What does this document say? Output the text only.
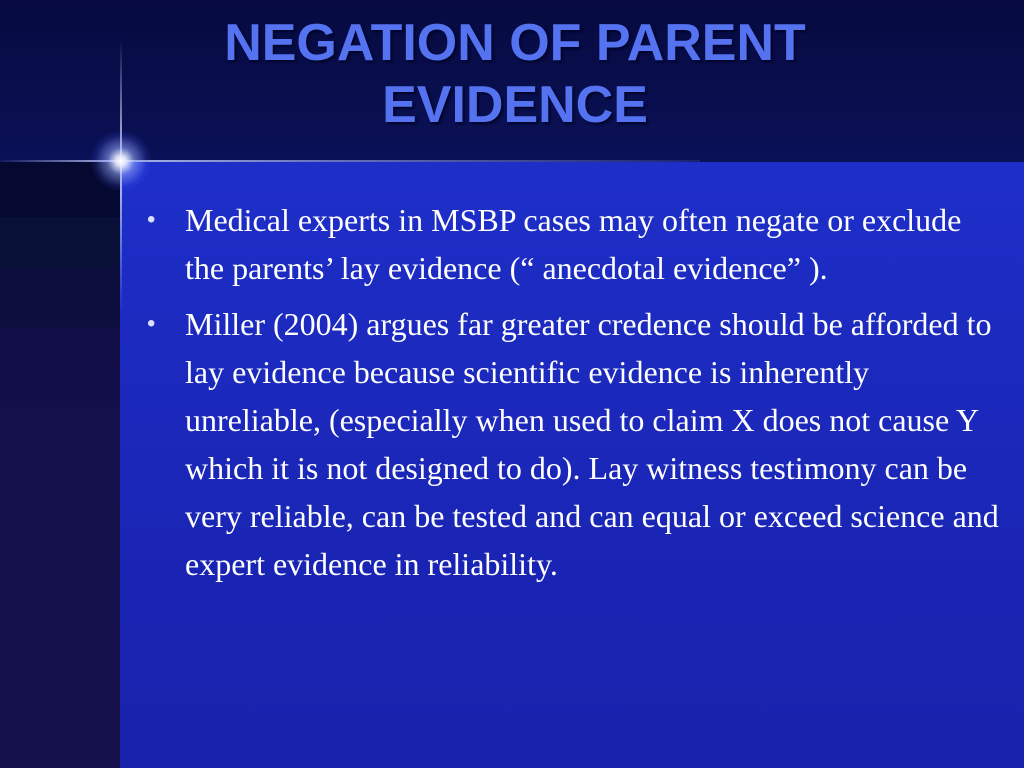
NEGATION OF PARENT
EVIDENCE
• Medical experts in MSBP cases may often negate or exclude the parents’ lay evidence (“ anecdotal evidence” ).
• Miller (2004) argues far greater credence should be afforded to lay evidence because scientific evidence is inherently unreliable, (especially when used to claim X does not cause Y which it is not designed to do). Lay witness testimony can be very reliable, can be tested and can equal or exceed science and expert evidence in reliability.
